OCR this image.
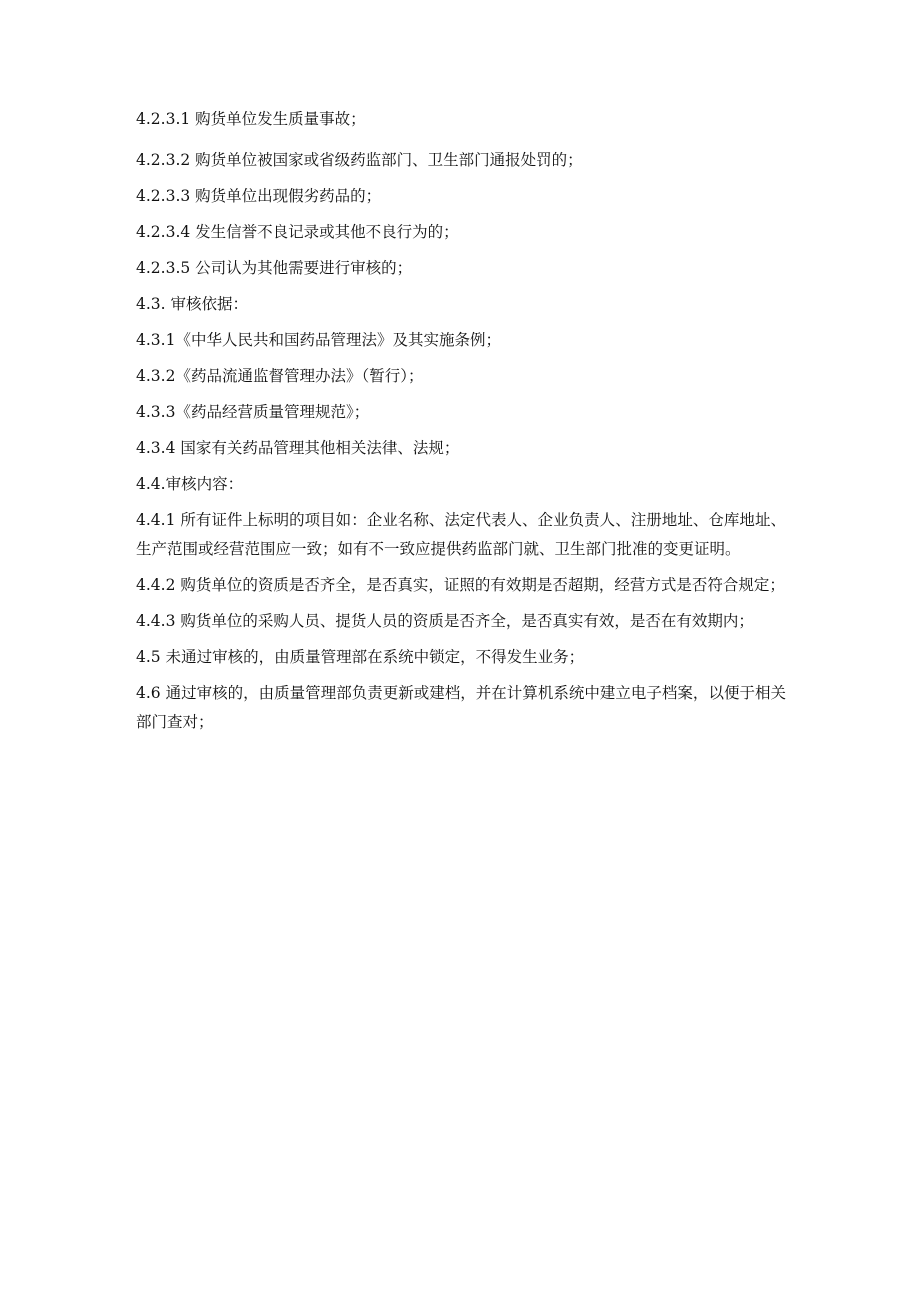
4.2.3.1 购货单位发生质量事故；

4.2.3.2 购货单位被国家或省级药监部门、卫生部门通报处罚的；

4.2.3.3 购货单位出现假劣药品的；

4.2.3.4 发生信誉不良记录或其他不良行为的；

4.2.3.5 公司认为其他需要进行审核的；

4.3. 审核依据：

4.3.1《中华人民共和国药品管理法》及其实施条例；

4.3.2《药品流通监督管理办法》（暂行）；

4.3.3《药品经营质量管理规范》；

4.3.4 国家有关药品管理其他相关法律、法规；

4.4.审核内容：

4.4.1 所有证件上标明的项目如：企业名称、法定代表人、企业负责人、注册地址、仓库地址、生产范围或经营范围应一致；如有不一致应提供药监部门就、卫生部门批准的变更证明。

4.4.2 购货单位的资质是否齐全，是否真实，证照的有效期是否超期，经营方式是否符合规定；

4.4.3 购货单位的采购人员、提货人员的资质是否齐全，是否真实有效，是否在有效期内；

4.5 未通过审核的，由质量管理部在系统中锁定，不得发生业务；

4.6 通过审核的，由质量管理部负责更新或建档，并在计算机系统中建立电子档案，以便于相关部门查对；
